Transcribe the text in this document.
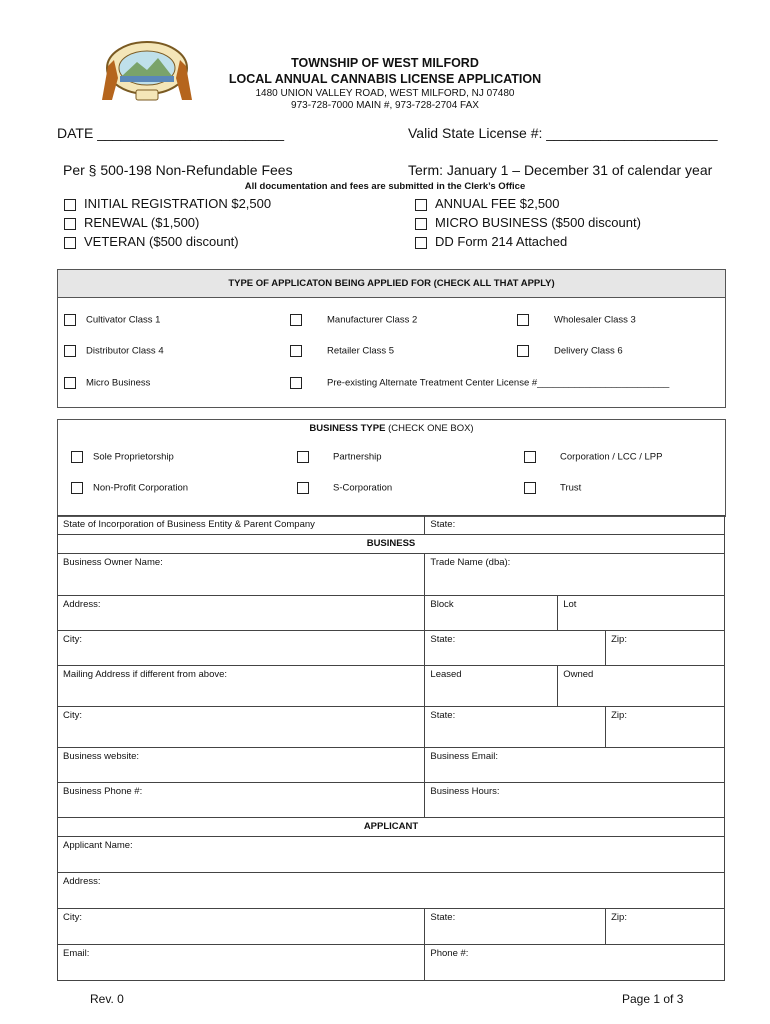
TOWNSHIP OF WEST MILFORD
LOCAL ANNUAL CANNABIS LICENSE APPLICATION
1480 UNION VALLEY ROAD, WEST MILFORD, NJ 07480
973-728-7000 MAIN #, 973-728-2704 FAX
DATE ________________________	Valid State License #: ______________________
Per § 500-198 Non-Refundable Fees	Term: January 1 – December 31 of calendar year
All documentation and fees are submitted in the Clerk’s Office
INITIAL REGISTRATION $2,500
RENEWAL ($1,500)
VETERAN ($500 discount)
ANNUAL FEE $2,500
MICRO BUSINESS ($500 discount)
DD Form 214 Attached
TYPE OF APPLICATON BEING APPLIED FOR (CHECK ALL THAT APPLY)
Cultivator Class 1	Manufacturer Class 2	Wholesaler Class 3
Distributor Class 4	Retailer Class 5	Delivery Class 6
Micro Business	Pre-existing Alternate Treatment Center License #_________________________
BUSINESS TYPE (CHECK ONE BOX)
Sole Proprietorship	Partnership	Corporation / LCC / LPP
Non-Profit Corporation	S-Corporation	Trust
State of Incorporation of Business Entity & Parent Company	State:		
BUSINESS			
Business Owner Name:	Trade Name (dba):		
Address:	Block	Lot	
City:	State:		Zip:
Mailing Address if different from above:	Leased	Owned	
City:	State:		Zip:
Business website:	Business Email:		
Business Phone #:	Business Hours:		
APPLICANT			
Applicant Name:			
Address:			
City:	State:		Zip:
Email:	Phone #:		
Rev. 0	Page 1 of 3
